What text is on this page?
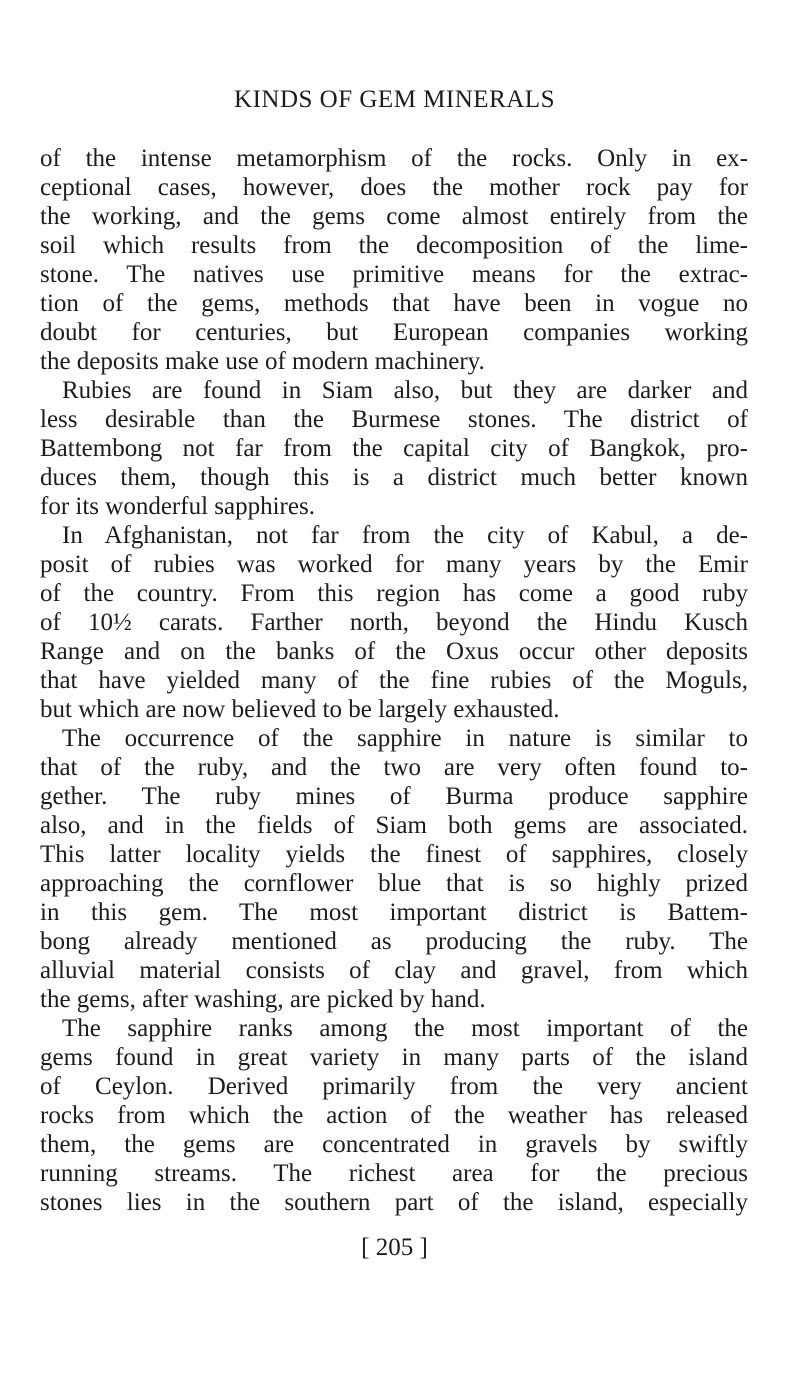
KINDS OF GEM MINERALS
of the intense metamorphism of the rocks. Only in ex-
ceptional cases, however, does the mother rock pay for
the working, and the gems come almost entirely from the
soil which results from the decomposition of the lime-
stone. The natives use primitive means for the extrac-
tion of the gems, methods that have been in vogue no
doubt for centuries, but European companies working
the deposits make use of modern machinery.
Rubies are found in Siam also, but they are darker and
less desirable than the Burmese stones. The district of
Battembong not far from the capital city of Bangkok, pro-
duces them, though this is a district much better known
for its wonderful sapphires.
In Afghanistan, not far from the city of Kabul, a de-
posit of rubies was worked for many years by the Emir
of the country. From this region has come a good ruby
of 10½ carats. Farther north, beyond the Hindu Kusch
Range and on the banks of the Oxus occur other deposits
that have yielded many of the fine rubies of the Moguls,
but which are now believed to be largely exhausted.
The occurrence of the sapphire in nature is similar to
that of the ruby, and the two are very often found to-
gether. The ruby mines of Burma produce sapphire
also, and in the fields of Siam both gems are associated.
This latter locality yields the finest of sapphires, closely
approaching the cornflower blue that is so highly prized
in this gem. The most important district is Battem-
bong already mentioned as producing the ruby. The
alluvial material consists of clay and gravel, from which
the gems, after washing, are picked by hand.
The sapphire ranks among the most important of the
gems found in great variety in many parts of the island
of Ceylon. Derived primarily from the very ancient
rocks from which the action of the weather has released
them, the gems are concentrated in gravels by swiftly
running streams. The richest area for the precious
stones lies in the southern part of the island, especially
[ 205 ]
